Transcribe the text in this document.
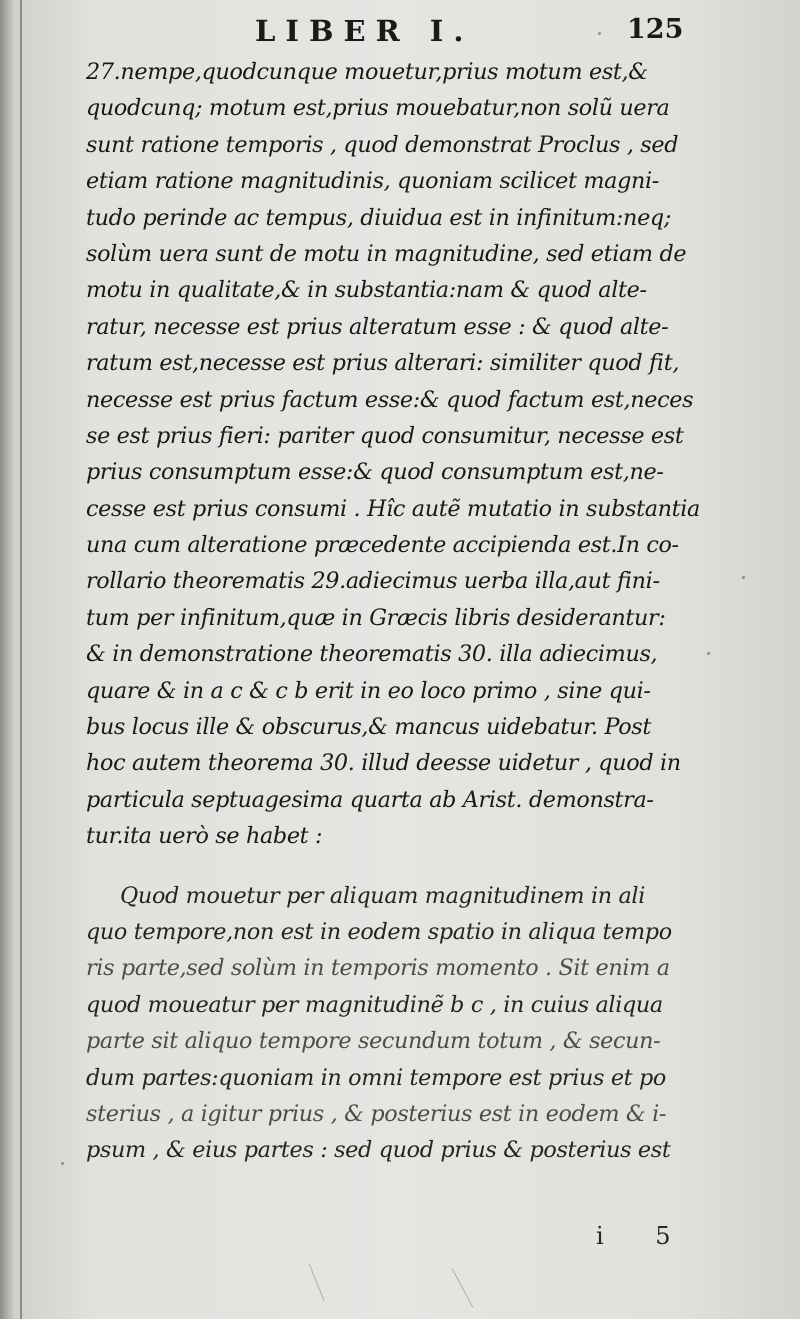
LIBER I.	125
27.nempe,quodcunque mouetur,prius motum est,&
quodcunq; motum est,prius mouebatur,non solũ uera
sunt ratione temporis , quod demonstrat Proclus , sed
etiam ratione magnitudinis, quoniam scilicet magni-
tudo perinde ac tempus, diuidua est in infinitum:neq;
solùm uera sunt de motu in magnitudine, sed etiam de
motu in qualitate,& in substantia:nam & quod alte-
ratur, necesse est prius alteratum esse : & quod alte-
ratum est,necesse est prius alterari: similiter quod fit,
necesse est prius factum esse:& quod factum est,neces
se est prius fieri: pariter quod consumitur, necesse est
prius consumptum esse:& quod consumptum est,ne-
cesse est prius consumi . Hîc autẽ mutatio in substantia
una cum alteratione præcedente accipienda est.In co-
rollario theorematis 29.adiecimus uerba illa,aut fini-
tum per infinitum,quæ in Græcis libris desiderantur:
& in demonstratione theorematis 30. illa adiecimus,
quare & in a c & c b erit in eo loco primo , sine qui-
bus locus ille & obscurus,& mancus uidebatur. Post
hoc autem theorema 30. illud deesse uidetur , quod in
particula septuagesima quarta ab Arist. demonstra-
tur.ita uerò se habet :
Quod mouetur per aliquam magnitudinem in ali
quo tempore,non est in eodem spatio in aliqua tempo
ris parte,sed solùm in temporis momento . Sit enim a
quod moueatur per magnitudinẽ b c , in cuius aliqua
parte sit aliquo tempore secundum totum , & secun-
dum partes:quoniam in omni tempore est prius et po
sterius , a igitur prius , & posterius est in eodem & i-
psum , & eius partes : sed quod prius & posterius est
i 5
